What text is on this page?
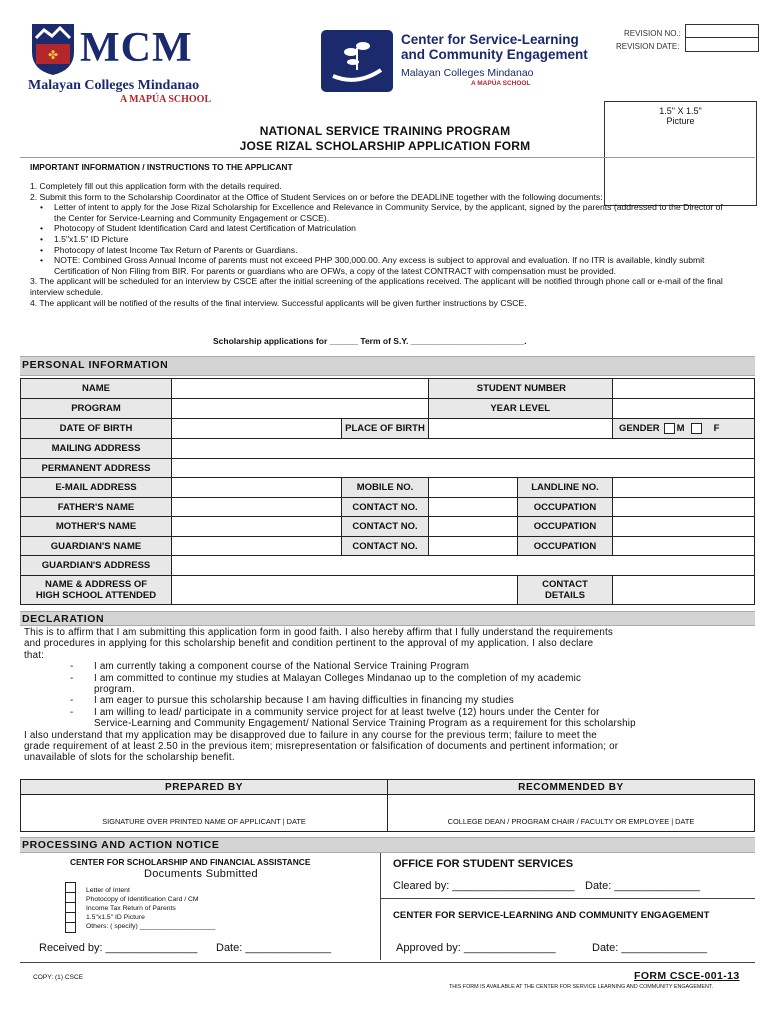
✤ MCM
Malayan Colleges Mindanao
A MAPÚA SCHOOL
Center for Service-Learning
and Community Engagement
Malayan Colleges Mindanao
A MAPÚA SCHOOL
REVISION NO.:
REVISION DATE:
1.5" X 1.5"
Picture
NATIONAL SERVICE TRAINING PROGRAM
JOSE RIZAL SCHOLARSHIP APPLICATION FORM
IMPORTANT INFORMATION / INSTRUCTIONS TO THE APPLICANT
1. Completely fill out this application form with the details required.
2. Submit this form to the Scholarship Coordinator at the Office of Student Services on or before the DEADLINE together with the following documents:
• Letter of intent to apply for the Jose Rizal Scholarship for Excellence and Relevance in Community Service, by the applicant, signed by the parents (addressed to the Director of the Center for Service-Learning and Community Engagement or CSCE).
• Photocopy of Student Identification Card and latest Certification of Matriculation
• 1.5"x1.5" ID Picture
• Photocopy of latest Income Tax Return of Parents or Guardians.
• NOTE: Combined Gross Annual Income of parents must not exceed PHP 300,000.00. Any excess is subject to approval and evaluation. If no ITR is available, kindly submit Certification of Non Filing from BIR. For parents or guardians who are OFWs, a copy of the latest CONTRACT with compensation must be provided.
3. The applicant will be scheduled for an interview by CSCE after the initial screening of the applications received. The applicant will be notified through phone call or e-mail of the final interview schedule.
4. The applicant will be notified of the results of the final interview. Successful applicants will be given further instructions by CSCE.
Scholarship applications for ______ Term of S.Y. ________________________.
PERSONAL INFORMATION
NAME	STUDENT NUMBER
PROGRAM	YEAR LEVEL
DATE OF BIRTH	PLACE OF BIRTH	GENDER M	F
MAILING ADDRESS
PERMANENT ADDRESS
E-MAIL ADDRESS	MOBILE NO.	LANDLINE NO.
FATHER'S NAME	CONTACT NO.	OCCUPATION
MOTHER'S NAME	CONTACT NO.	OCCUPATION
GUARDIAN'S NAME	CONTACT NO.	OCCUPATION
GUARDIAN'S ADDRESS
NAME & ADDRESS OF
HIGH SCHOOL ATTENDED
CONTACT
DETAILS
DECLARATION
This is to affirm that I am submitting this application form in good faith. I also hereby affirm that I fully understand the requirements
and procedures in applying for this scholarship benefit and condition pertinent to the approval of my application. I also declare
that:
- I am currently taking a component course of the National Service Training Program
- I am committed to continue my studies at Malayan Colleges Mindanao up to the completion of my academic
program.
- I am eager to pursue this scholarship because I am having difficulties in financing my studies
- I am willing to lead/ participate in a community service project for at least twelve (12) hours under the Center for
Service-Learning and Community Engagement/ National Service Training Program as a requirement for this scholarship
I also understand that my application may be disapproved due to failure in any course for the previous term; failure to meet the
grade requirement of at least 2.50 in the previous item; misrepresentation or falsification of documents and pertinent information; or
unavailable of slots for the scholarship benefit.
PREPARED BY	RECOMMENDED BY
SIGNATURE OVER PRINTED NAME OF APPLICANT | DATE	COLLEGE DEAN / PROGRAM CHAIR / FACULTY OR EMPLOYEE | DATE
PROCESSING AND ACTION NOTICE
CENTER FOR SCHOLARSHIP AND FINANCIAL ASSISTANCE
Documents Submitted
Letter of Intent
Photocopy of Identification Card / CM
Income Tax Return of Parents
1.5"x1.5" ID Picture
Others: ( specify) ____________________
Received by: _______________ Date: ______________
OFFICE FOR STUDENT SERVICES
Cleared by: ____________________ Date: ______________
CENTER FOR SERVICE-LEARNING AND COMMUNITY ENGAGEMENT
Approved by: _______________	Date: ______________
COPY: (1) CSCE	FORM CSCE-001-13
THIS FORM IS AVAILABLE AT THE CENTER FOR SERVICE LEARNING AND COMMUNITY ENGAGEMENT.
